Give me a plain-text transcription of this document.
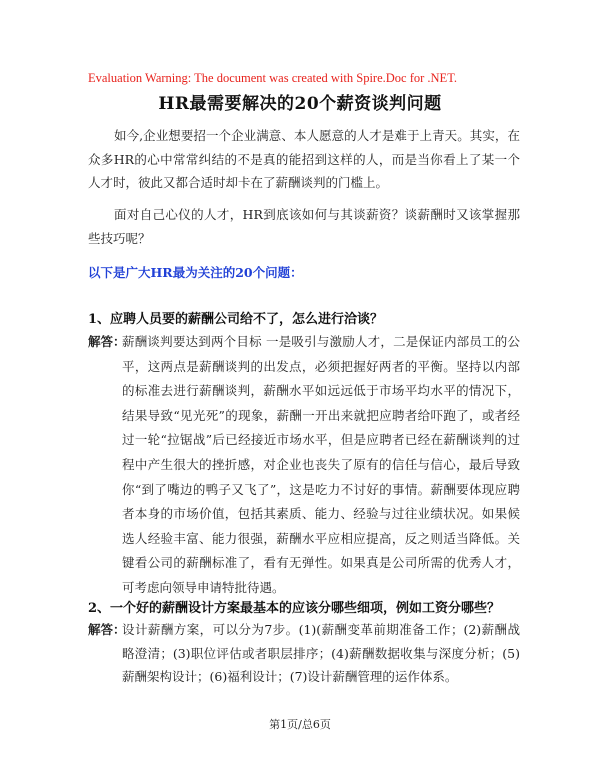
Evaluation Warning: The document was created with Spire.Doc for .NET.
HR最需要解决的20个薪资谈判问题
如今,企业想要招一个企业满意、本人愿意的人才是难于上青天。其实，在众多HR的心中常常纠结的不是真的能招到这样的人，而是当你看上了某一个人才时，彼此又都合适时却卡在了薪酬谈判的门槛上。
面对自己心仪的人才，HR到底该如何与其谈薪资？谈薪酬时又该掌握那些技巧呢？
以下是广大HR最为关注的20个问题：
1、应聘人员要的薪酬公司给不了，怎么进行洽谈？
解答：
薪酬谈判要达到两个目标 一是吸引与激励人才，二是保证内部员工的公平，这两点是薪酬谈判的出发点，必须把握好两者的平衡。坚持以内部的标准去进行薪酬谈判，薪酬水平如远远低于市场平均水平的情况下，结果导致“见光死”的现象，薪酬一开出来就把应聘者给吓跑了，或者经过一轮“拉锯战”后已经接近市场水平，但是应聘者已经在薪酬谈判的过程中产生很大的挫折感，对企业也丧失了原有的信任与信心，最后导致你“到了嘴边的鸭子又飞了”，这是吃力不讨好的事情。薪酬要体现应聘者本身的市场价值，包括其素质、能力、经验与过往业绩状况。如果候选人经验丰富、能力很强，薪酬水平应相应提高，反之则适当降低。关键看公司的薪酬标准了，看有无弹性。如果真是公司所需的优秀人才，可考虑向领导申请特批待遇。
2、一个好的薪酬设计方案最基本的应该分哪些细项，例如工资分哪些？
解答：
设计薪酬方案，可以分为7步。(1)(薪酬变革前期准备工作；(2)薪酬战略澄清；(3)职位评估或者职层排序；(4)薪酬数据收集与深度分析；(5)薪酬架构设计；(6)福利设计；(7)设计薪酬管理的运作体系。
第1页/总6页
